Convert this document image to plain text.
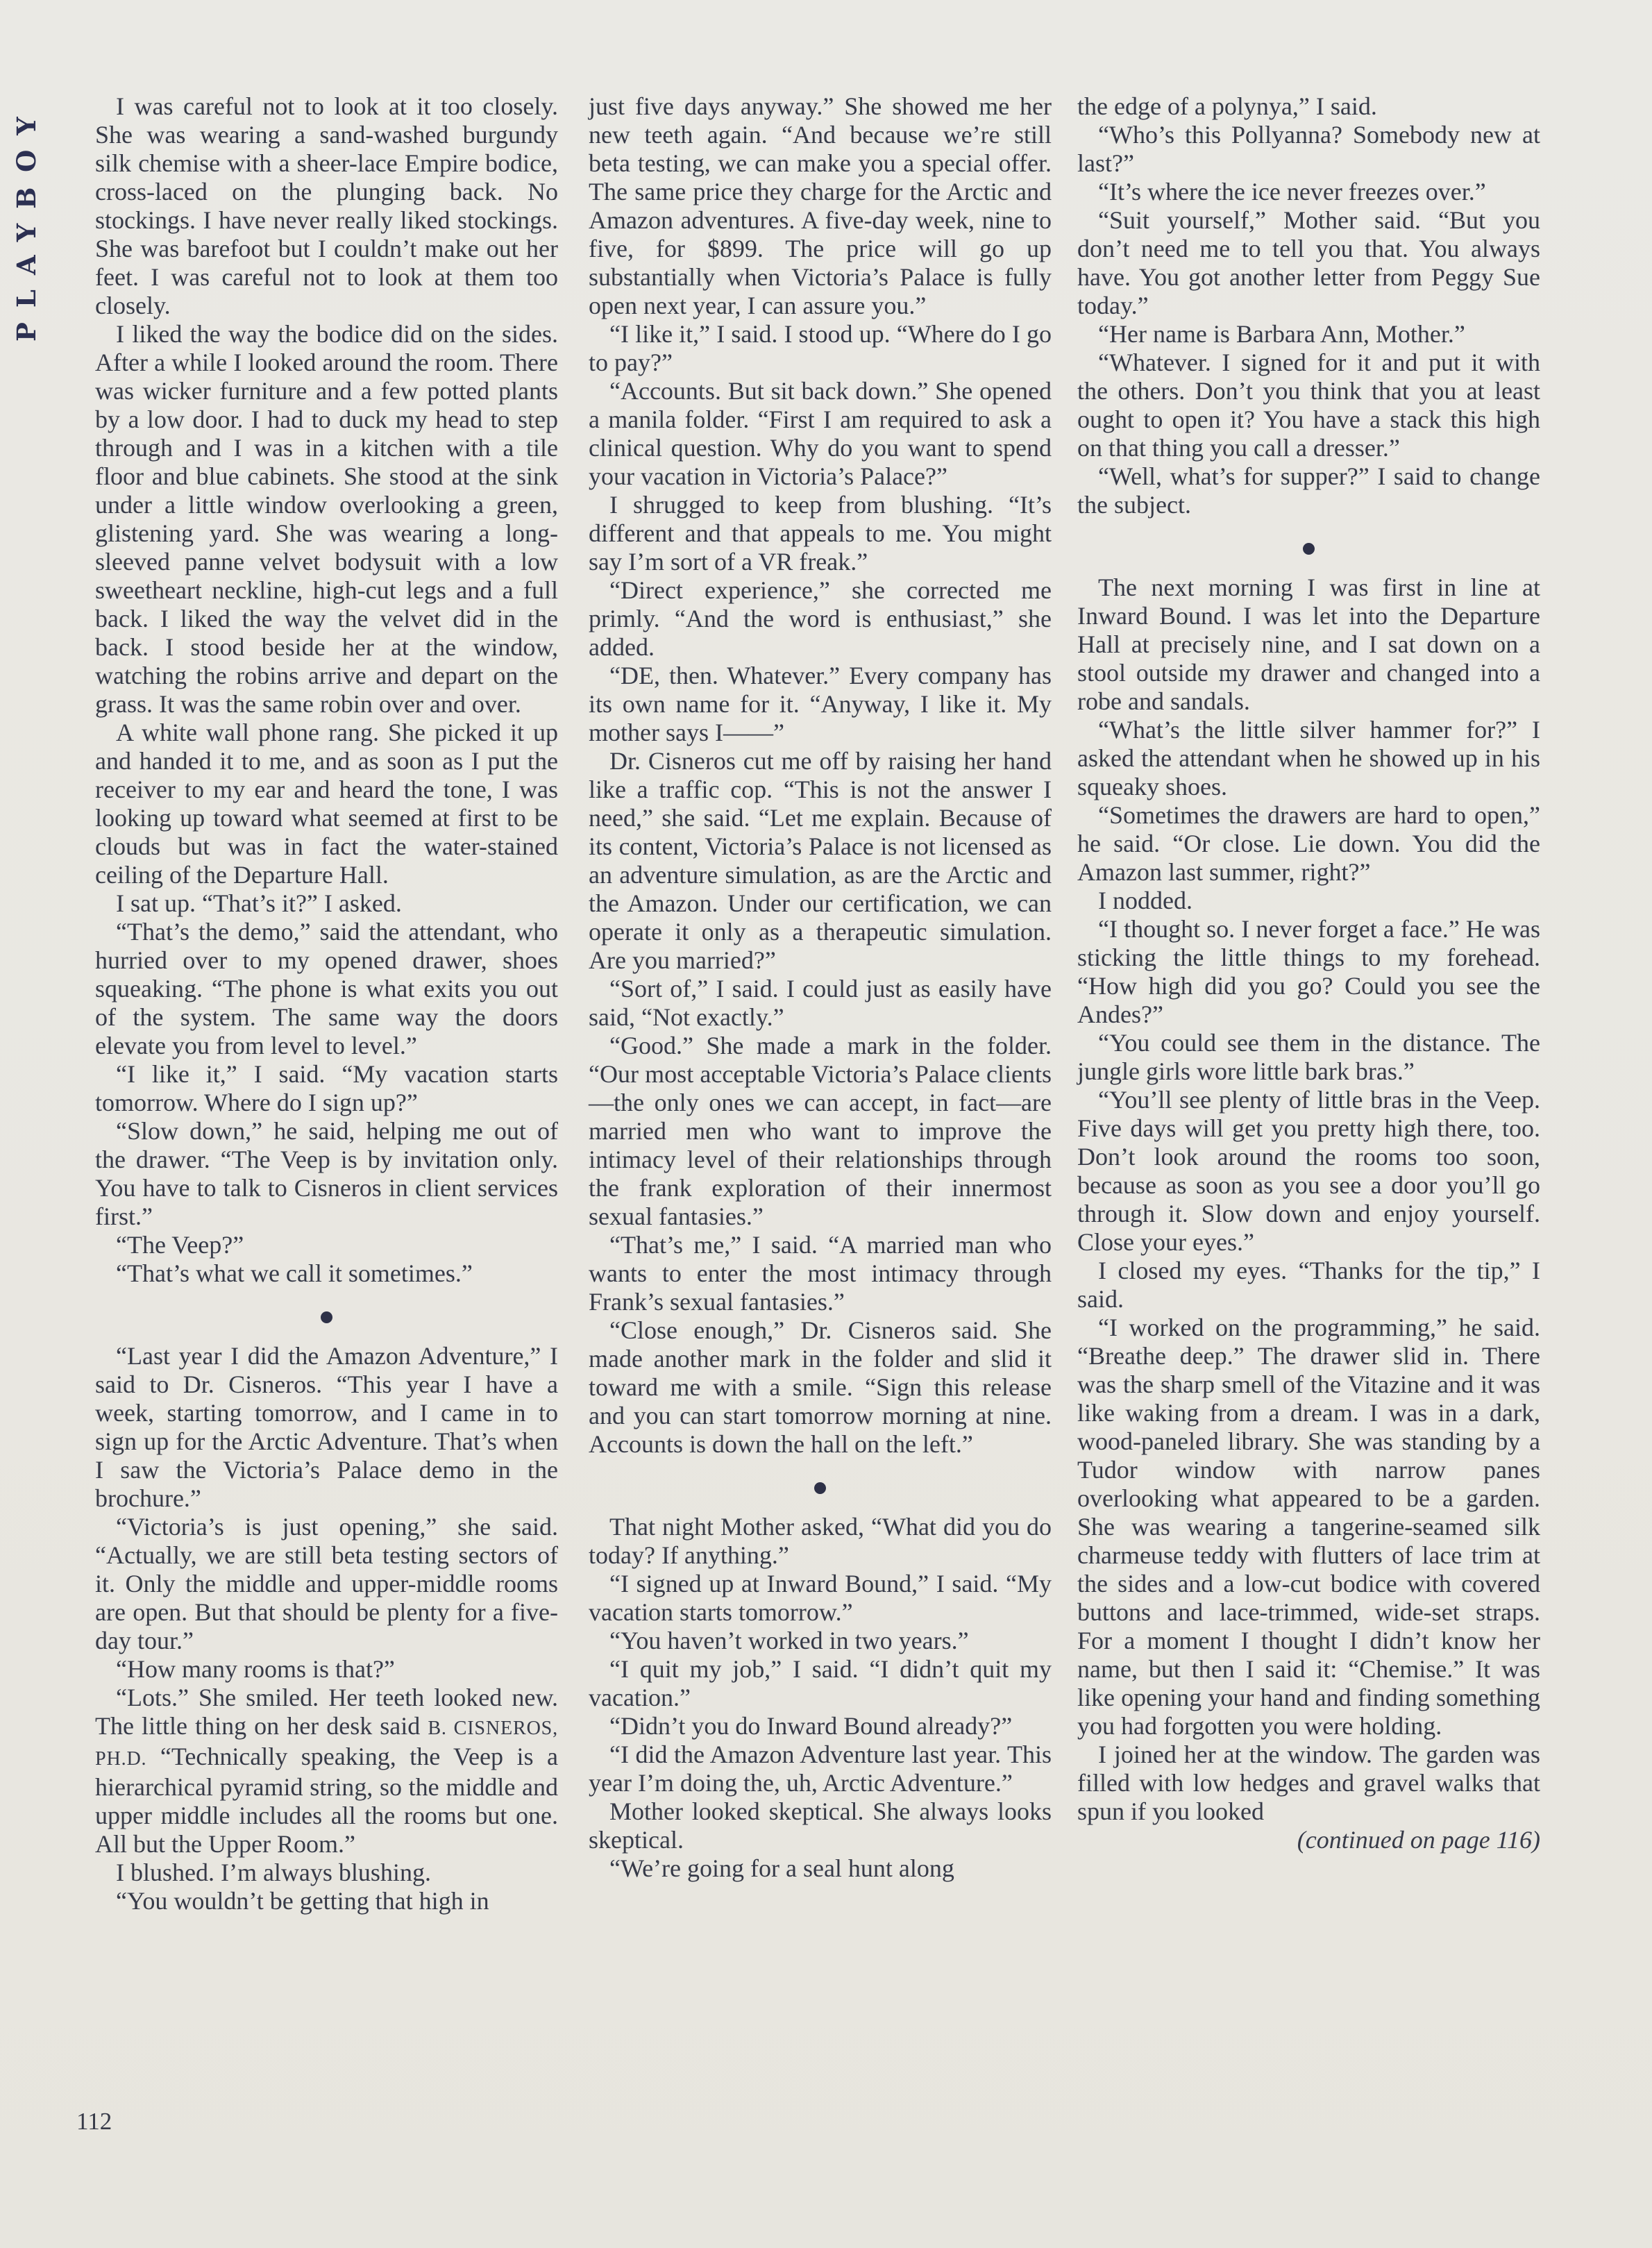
PLAYBOY	I was careful not to look at it too closely. She was wearing a sand-washed burgundy silk chemise with a sheer-lace Empire bodice, cross-laced on the plunging back. No stockings. I have never really liked stockings. She was barefoot but I couldn’t make out her feet. I was careful not to look at them too closely.

I liked the way the bodice did on the sides. After a while I looked around the room. There was wicker furniture and a few potted plants by a low door. I had to duck my head to step through and I was in a kitchen with a tile floor and blue cabinets. She stood at the sink under a little window overlooking a green, glistening yard. She was wearing a long-sleeved panne velvet bodysuit with a low sweetheart neckline, high-cut legs and a full back. I liked the way the velvet did in the back. I stood beside her at the window, watching the robins arrive and depart on the grass. It was the same robin over and over.

A white wall phone rang. She picked it up and handed it to me, and as soon as I put the receiver to my ear and heard the tone, I was looking up toward what seemed at first to be clouds but was in fact the water-stained ceiling of the Departure Hall.

I sat up. “That’s it?” I asked.

“That’s the demo,” said the attendant, who hurried over to my opened drawer, shoes squeaking. “The phone is what exits you out of the system. The same way the doors elevate you from level to level.”

“I like it,” I said. “My vacation starts tomorrow. Where do I sign up?”

“Slow down,” he said, helping me out of the drawer. “The Veep is by invitation only. You have to talk to Cisneros in client services first.”

“The Veep?”

“That’s what we call it sometimes.”

“Last year I did the Amazon Adventure,” I said to Dr. Cisneros. “This year I have a week, starting tomorrow, and I came in to sign up for the Arctic Adventure. That’s when I saw the Victoria’s Palace demo in the brochure.”

“Victoria’s is just opening,” she said. “Actually, we are still beta testing sectors of it. Only the middle and upper-middle rooms are open. But that should be plenty for a five-day tour.”

“How many rooms is that?”

“Lots.” She smiled. Her teeth looked new. The little thing on her desk said B. CISNEROS, PH.D. “Technically speaking, the Veep is a hierarchical pyramid string, so the middle and upper middle includes all the rooms but one. All but the Upper Room.”

I blushed. I’m always blushing.

“You wouldn’t be getting that high in

just five days anyway.” She showed me her new teeth again. “And because we’re still beta testing, we can make you a special offer. The same price they charge for the Arctic and Amazon adventures. A five-day week, nine to five, for $899. The price will go up substantially when Victoria’s Palace is fully open next year, I can assure you.”

“I like it,” I said. I stood up. “Where do I go to pay?”

“Accounts. But sit back down.” She opened a manila folder. “First I am required to ask a clinical question. Why do you want to spend your vacation in Victoria’s Palace?”

I shrugged to keep from blushing. “It’s different and that appeals to me. You might say I’m sort of a VR freak.”

“Direct experience,” she corrected me primly. “And the word is enthusiast,” she added.

“DE, then. Whatever.” Every company has its own name for it. “Anyway, I like it. My mother says I——”

Dr. Cisneros cut me off by raising her hand like a traffic cop. “This is not the answer I need,” she said. “Let me explain. Because of its content, Victoria’s Palace is not licensed as an adventure simulation, as are the Arctic and the Amazon. Under our certification, we can operate it only as a therapeutic simulation. Are you married?”

“Sort of,” I said. I could just as easily have said, “Not exactly.”

“Good.” She made a mark in the folder. “Our most acceptable Victoria’s Palace clients—the only ones we can accept, in fact—are married men who want to improve the intimacy level of their relationships through the frank exploration of their innermost sexual fantasies.”

“That’s me,” I said. “A married man who wants to enter the most intimacy through Frank’s sexual fantasies.”

“Close enough,” Dr. Cisneros said. She made another mark in the folder and slid it toward me with a smile. “Sign this release and you can start tomorrow morning at nine. Accounts is down the hall on the left.”

That night Mother asked, “What did you do today? If anything.”

“I signed up at Inward Bound,” I said. “My vacation starts tomorrow.”

“You haven’t worked in two years.”

“I quit my job,” I said. “I didn’t quit my vacation.”

“Didn’t you do Inward Bound already?”

“I did the Amazon Adventure last year. This year I’m doing the, uh, Arctic Adventure.”

Mother looked skeptical. She always looks skeptical.

“We’re going for a seal hunt along

the edge of a polynya,” I said.

“Who’s this Pollyanna? Somebody new at last?”

“It’s where the ice never freezes over.”

“Suit yourself,” Mother said. “But you don’t need me to tell you that. You always have. You got another letter from Peggy Sue today.”

“Her name is Barbara Ann, Mother.”

“Whatever. I signed for it and put it with the others. Don’t you think that you at least ought to open it? You have a stack this high on that thing you call a dresser.”

“Well, what’s for supper?” I said to change the subject.

The next morning I was first in line at Inward Bound. I was let into the Departure Hall at precisely nine, and I sat down on a stool outside my drawer and changed into a robe and sandals.

“What’s the little silver hammer for?” I asked the attendant when he showed up in his squeaky shoes.

“Sometimes the drawers are hard to open,” he said. “Or close. Lie down. You did the Amazon last summer, right?”

I nodded.

“I thought so. I never forget a face.” He was sticking the little things to my forehead. “How high did you go? Could you see the Andes?”

“You could see them in the distance. The jungle girls wore little bark bras.”

“You’ll see plenty of little bras in the Veep. Five days will get you pretty high there, too. Don’t look around the rooms too soon, because as soon as you see a door you’ll go through it. Slow down and enjoy yourself. Close your eyes.”

I closed my eyes. “Thanks for the tip,” I said.

“I worked on the programming,” he said. “Breathe deep.” The drawer slid in. There was the sharp smell of the Vitazine and it was like waking from a dream. I was in a dark, wood-paneled library. She was standing by a Tudor window with narrow panes overlooking what appeared to be a garden. She was wearing a tangerine-seamed silk charmeuse teddy with flutters of lace trim at the sides and a low-cut bodice with covered buttons and lace-trimmed, wide-set straps. For a moment I thought I didn’t know her name, but then I said it: “Chemise.” It was like opening your hand and finding something you had forgotten you were holding.

I joined her at the window. The garden was filled with low hedges and gravel walks that spun if you looked

(continued on page 116)

112
